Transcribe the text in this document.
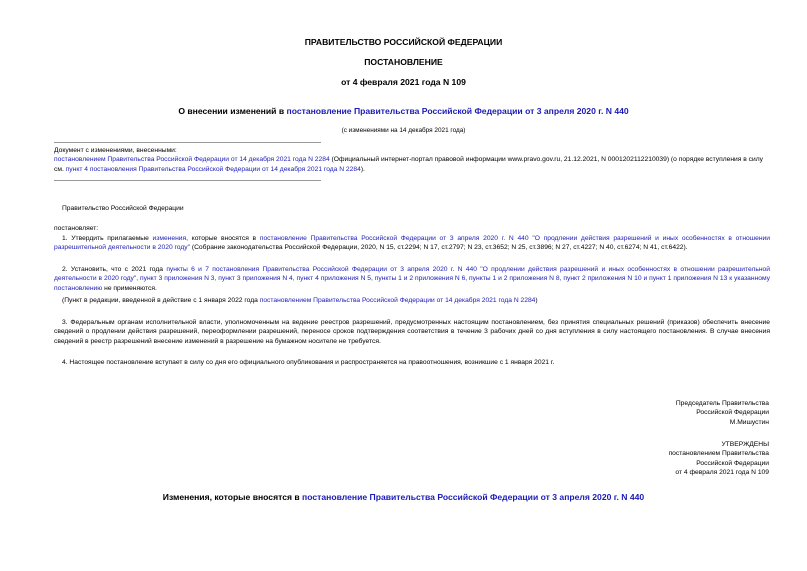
ПРАВИТЕЛЬСТВО РОССИЙСКОЙ ФЕДЕРАЦИИ
ПОСТАНОВЛЕНИЕ
от 4 февраля 2021 года N 109
О внесении изменений в постановление Правительства Российской Федерации от 3 апреля 2020 г. N 440
(с изменениями на 14 декабря 2021 года)
Документ с изменениями, внесенными:
постановлением Правительства Российской Федерации от 14 декабря 2021 года N 2284 (Официальный интернет-портал правовой информации www.pravo.gov.ru, 21.12.2021, N 0001202112210039) (о порядке вступления в силу см. пункт 4 постановления Правительства Российской Федерации от 14 декабря 2021 года N 2284).
Правительство Российской Федерации
постановляет:
1. Утвердить прилагаемые изменения, которые вносятся в постановление Правительства Российской Федерации от 3 апреля 2020 г. N 440 "О продлении действия разрешений и иных особенностях в отношении разрешительной деятельности в 2020 году" (Собрание законодательства Российской Федерации, 2020, N 15, ст.2294; N 17, ст.2797; N 23, ст.3652; N 25, ст.3896; N 27, ст.4227; N 40, ст.6274; N 41, ст.6422).
2. Установить, что с 2021 года пункты 6 и 7 постановления Правительства Российской Федерации от 3 апреля 2020 г. N 440 "О продлении действия разрешений и иных особенностях в отношении разрешительной деятельности в 2020 году", пункт 3 приложения N 3, пункт 3 приложения N 4, пункт 4 приложения N 5, пункты 1 и 2 приложения N 6, пункты 1 и 2 приложения N 8, пункт 2 приложения N 10 и пункт 1 приложения N 13 к указанному постановлению не применяются.
(Пункт в редакции, введенной в действие с 1 января 2022 года постановлением Правительства Российской Федерации от 14 декабря 2021 года N 2284)
3. Федеральным органам исполнительной власти, уполномоченным на ведение реестров разрешений, предусмотренных настоящим постановлением, без принятия специальных решений (приказов) обеспечить внесение сведений о продлении действия разрешений, переоформлении разрешений, переносе сроков подтверждения соответствия в течение 3 рабочих дней со дня вступления в силу настоящего постановления. В случае внесения сведений в реестр разрешений внесение изменений в разрешение на бумажном носителе не требуется.
4. Настоящее постановление вступает в силу со дня его официального опубликования и распространяется на правоотношения, возникшие с 1 января 2021 г.
Председатель Правительства
Российской Федерации
М.Мишустин
УТВЕРЖДЕНЫ
постановлением Правительства
Российской Федерации
от 4 февраля 2021 года N 109
Изменения, которые вносятся в постановление Правительства Российской Федерации от 3 апреля 2020 г. N 440
